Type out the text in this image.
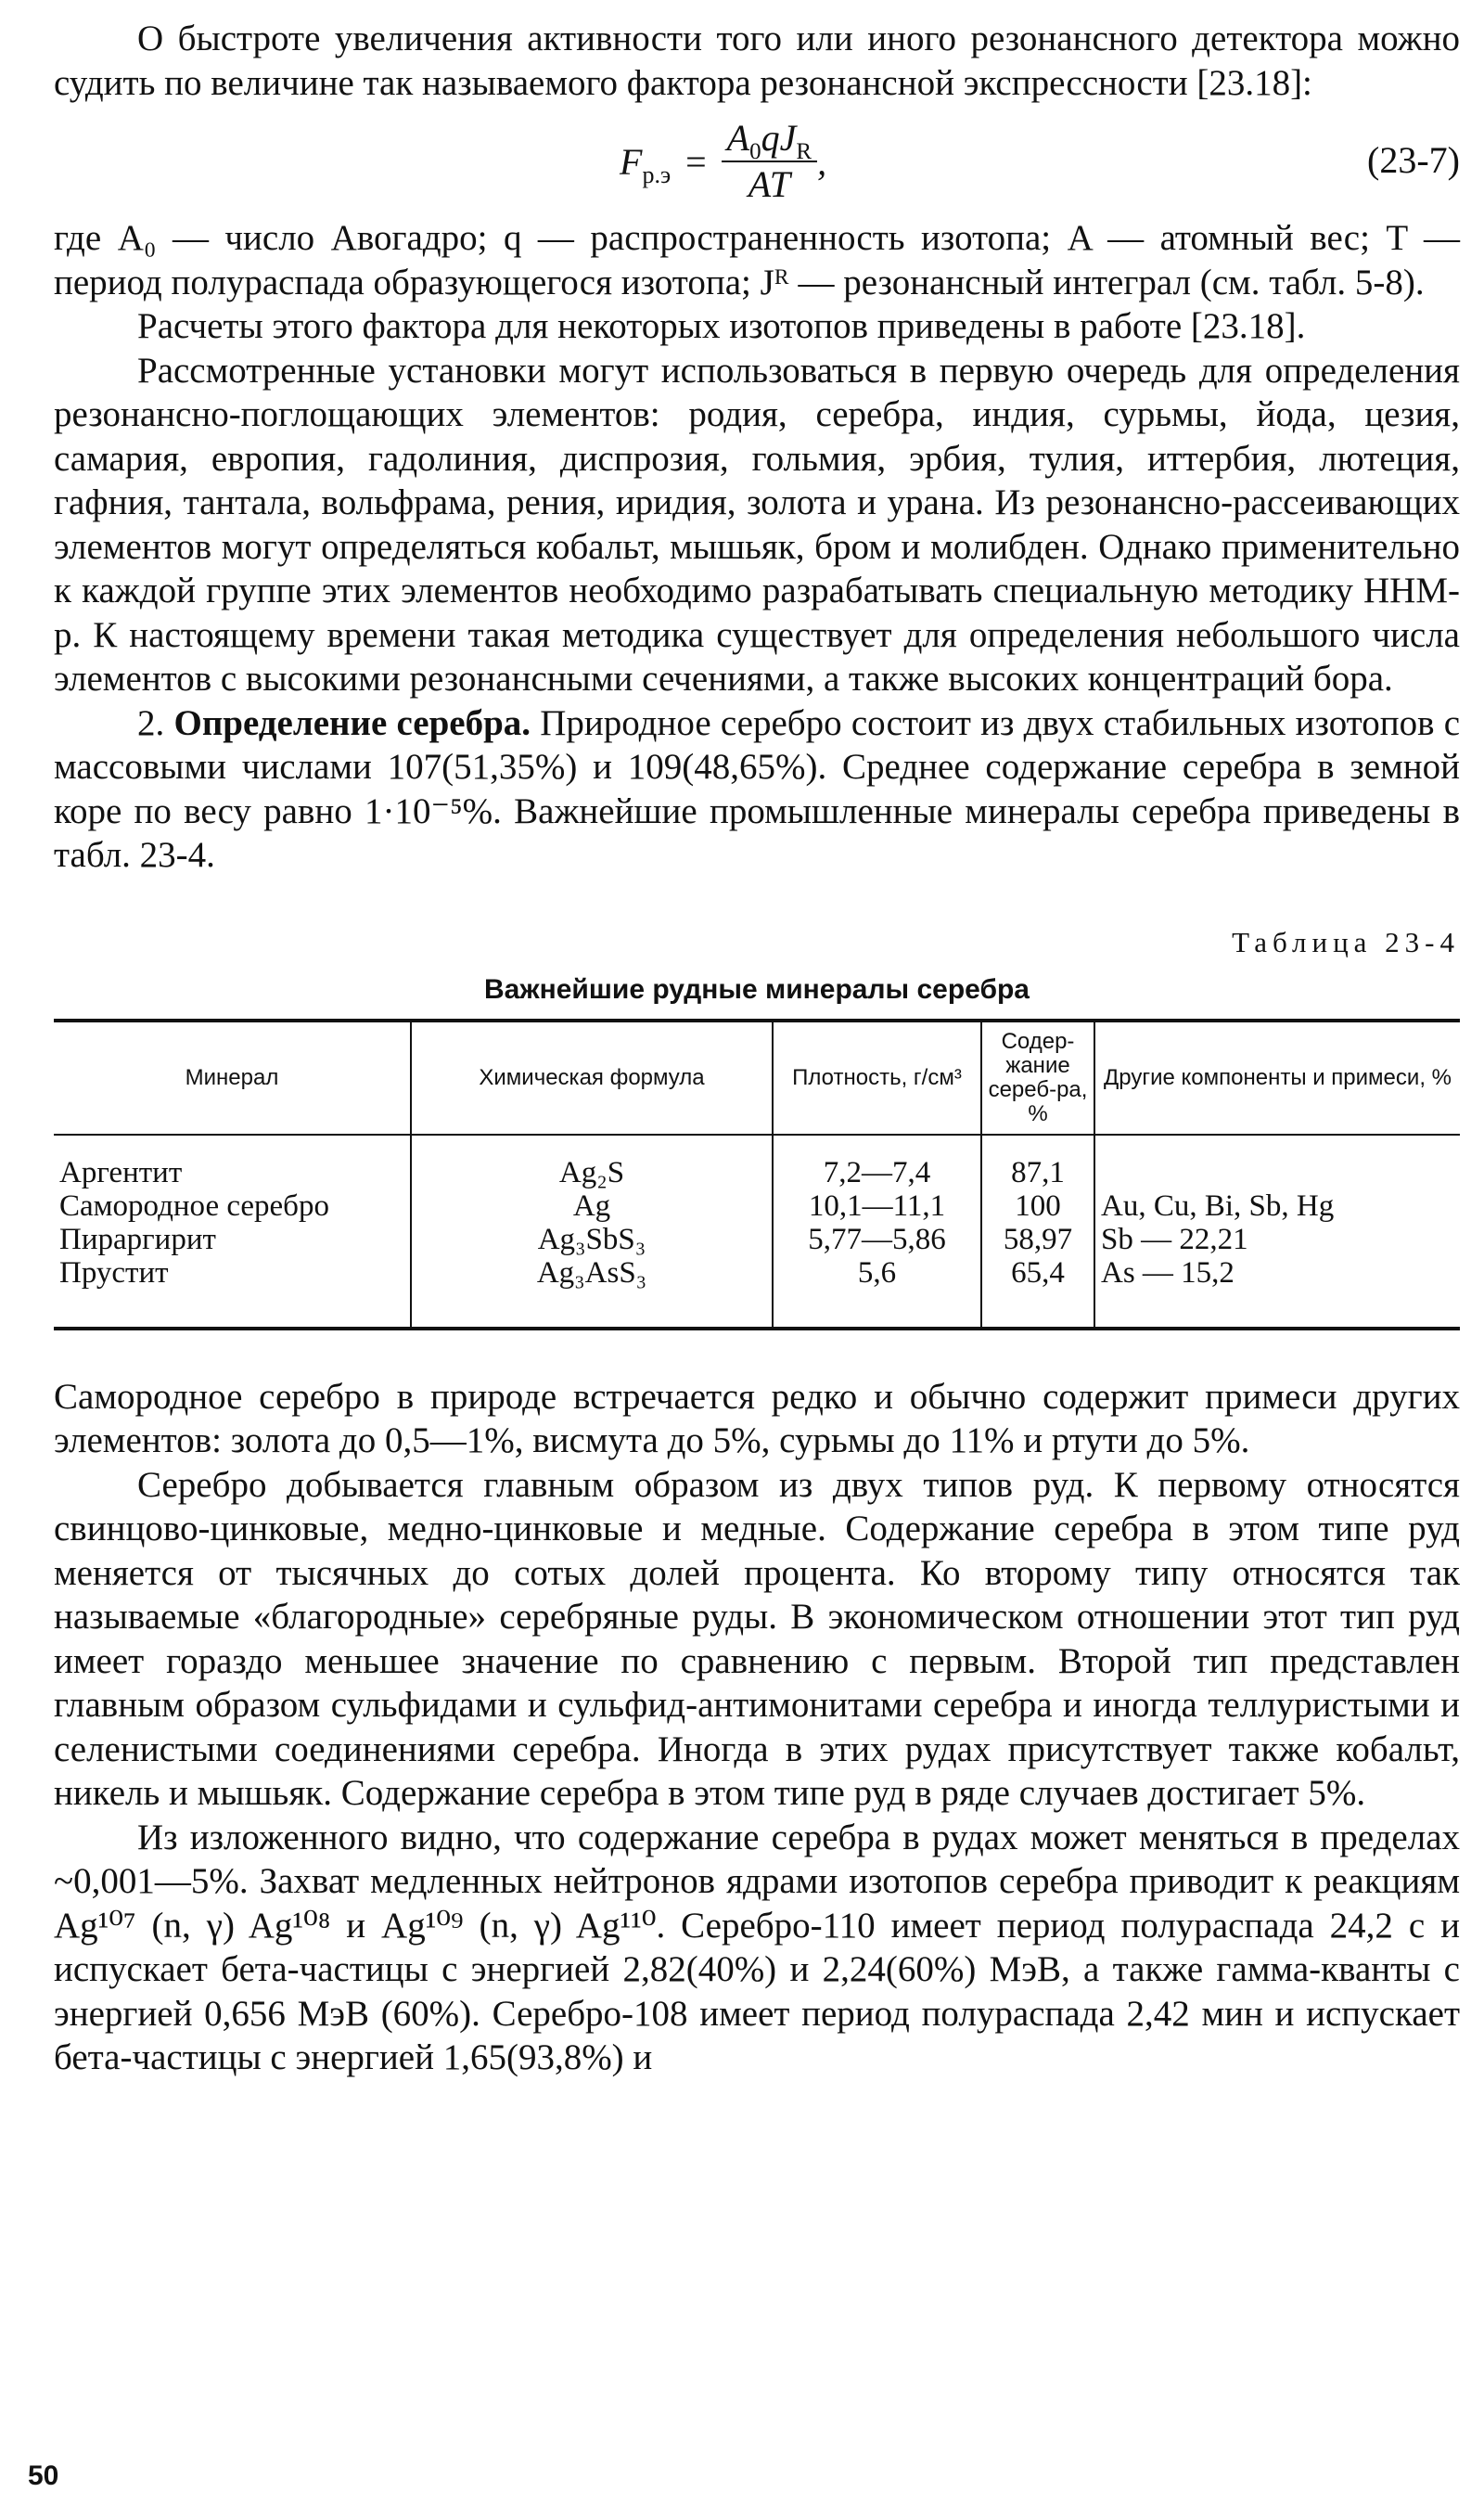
О быстроте увеличения активности того или иного резонансного детектора можно судить по величине так называемого фактора резонансной экспрессности [23.18]:

$F_{р.э} = \frac{A_0qJ_R}{AT}$ ,	(23-7)

где A₀ — число Авогадро; q — распространенность изотопа; A — атомный вес; T — период полураспада образующегося изотопа; Jᴿ — резонансный интеграл (см. табл. 5-8).

Расчеты этого фактора для некоторых изотопов приведены в работе [23.18].

Рассмотренные установки могут использоваться в первую очередь для определения резонансно-поглощающих элементов: родия, серебра, индия, сурьмы, йода, цезия, самария, европия, гадолиния, диспрозия, гольмия, эрбия, тулия, иттербия, лютеция, гафния, тантала, вольфрама, рения, иридия, золота и урана. Из резонансно-рассеивающих элементов могут определяться кобальт, мышьяк, бром и молибден. Однако применительно к каждой группе этих элементов необходимо разрабатывать специальную методику ННМ-р. К настоящему времени такая методика существует для определения небольшого числа элементов с высокими резонансными сечениями, а также высоких концентраций бора.

2. Определение серебра. Природное серебро состоит из двух стабильных изотопов с массовыми числами 107(51,35%) и 109(48,65%). Среднее содержание серебра в земной коре по весу равно 1·10⁻⁵%. Важнейшие промышленные минералы серебра приведены в табл. 23-4.

Таблица 23-4
Важнейшие рудные минералы серебра
Минерал	Химическая формула	Плотность, г/см³	Содер-жание сереб-ра, %	Другие компоненты и примеси, %
Аргентит	Ag₂S	7,2—7,4	87,1	
Самородное серебро	Ag	10,1—11,1	100	Au, Cu, Bi, Sb, Hg
Пираргирит	Ag₃SbS₃	5,77—5,86	58,97	Sb — 22,21
Прустит	Ag₃AsS₃	5,6	65,4	As — 15,2

Самородное серебро в природе встречается редко и обычно содержит примеси других элементов: золота до 0,5—1%, висмута до 5%, сурьмы до 11% и ртути до 5%.

Серебро добывается главным образом из двух типов руд. К первому относятся свинцово-цинковые, медно-цинковые и медные. Содержание серебра в этом типе руд меняется от тысячных до сотых долей процента. Ко второму типу относятся так называемые «благородные» серебряные руды. В экономическом отношении этот тип руд имеет гораздо меньшее значение по сравнению с первым. Второй тип представлен главным образом сульфидами и сульфид-антимонитами серебра и иногда теллуристыми и селенистыми соединениями серебра. Иногда в этих рудах присутствует также кобальт, никель и мышьяк. Содержание серебра в этом типе руд в ряде случаев достигает 5%.

Из изложенного видно, что содержание серебра в рудах может меняться в пределах ~0,001—5%. Захват медленных нейтронов ядрами изотопов серебра приводит к реакциям Ag¹⁰⁷ (n, γ) Ag¹⁰⁸ и Ag¹⁰⁹ (n, γ) Ag¹¹⁰. Серебро-110 имеет период полураспада 24,2 с и испускает бета-частицы с энергией 2,82(40%) и 2,24(60%) МэВ, а также гамма-кванты с энергией 0,656 МэВ (60%). Серебро-108 имеет период полураспада 2,42 мин и испускает бета-частицы с энергией 1,65(93,8%) и

50
